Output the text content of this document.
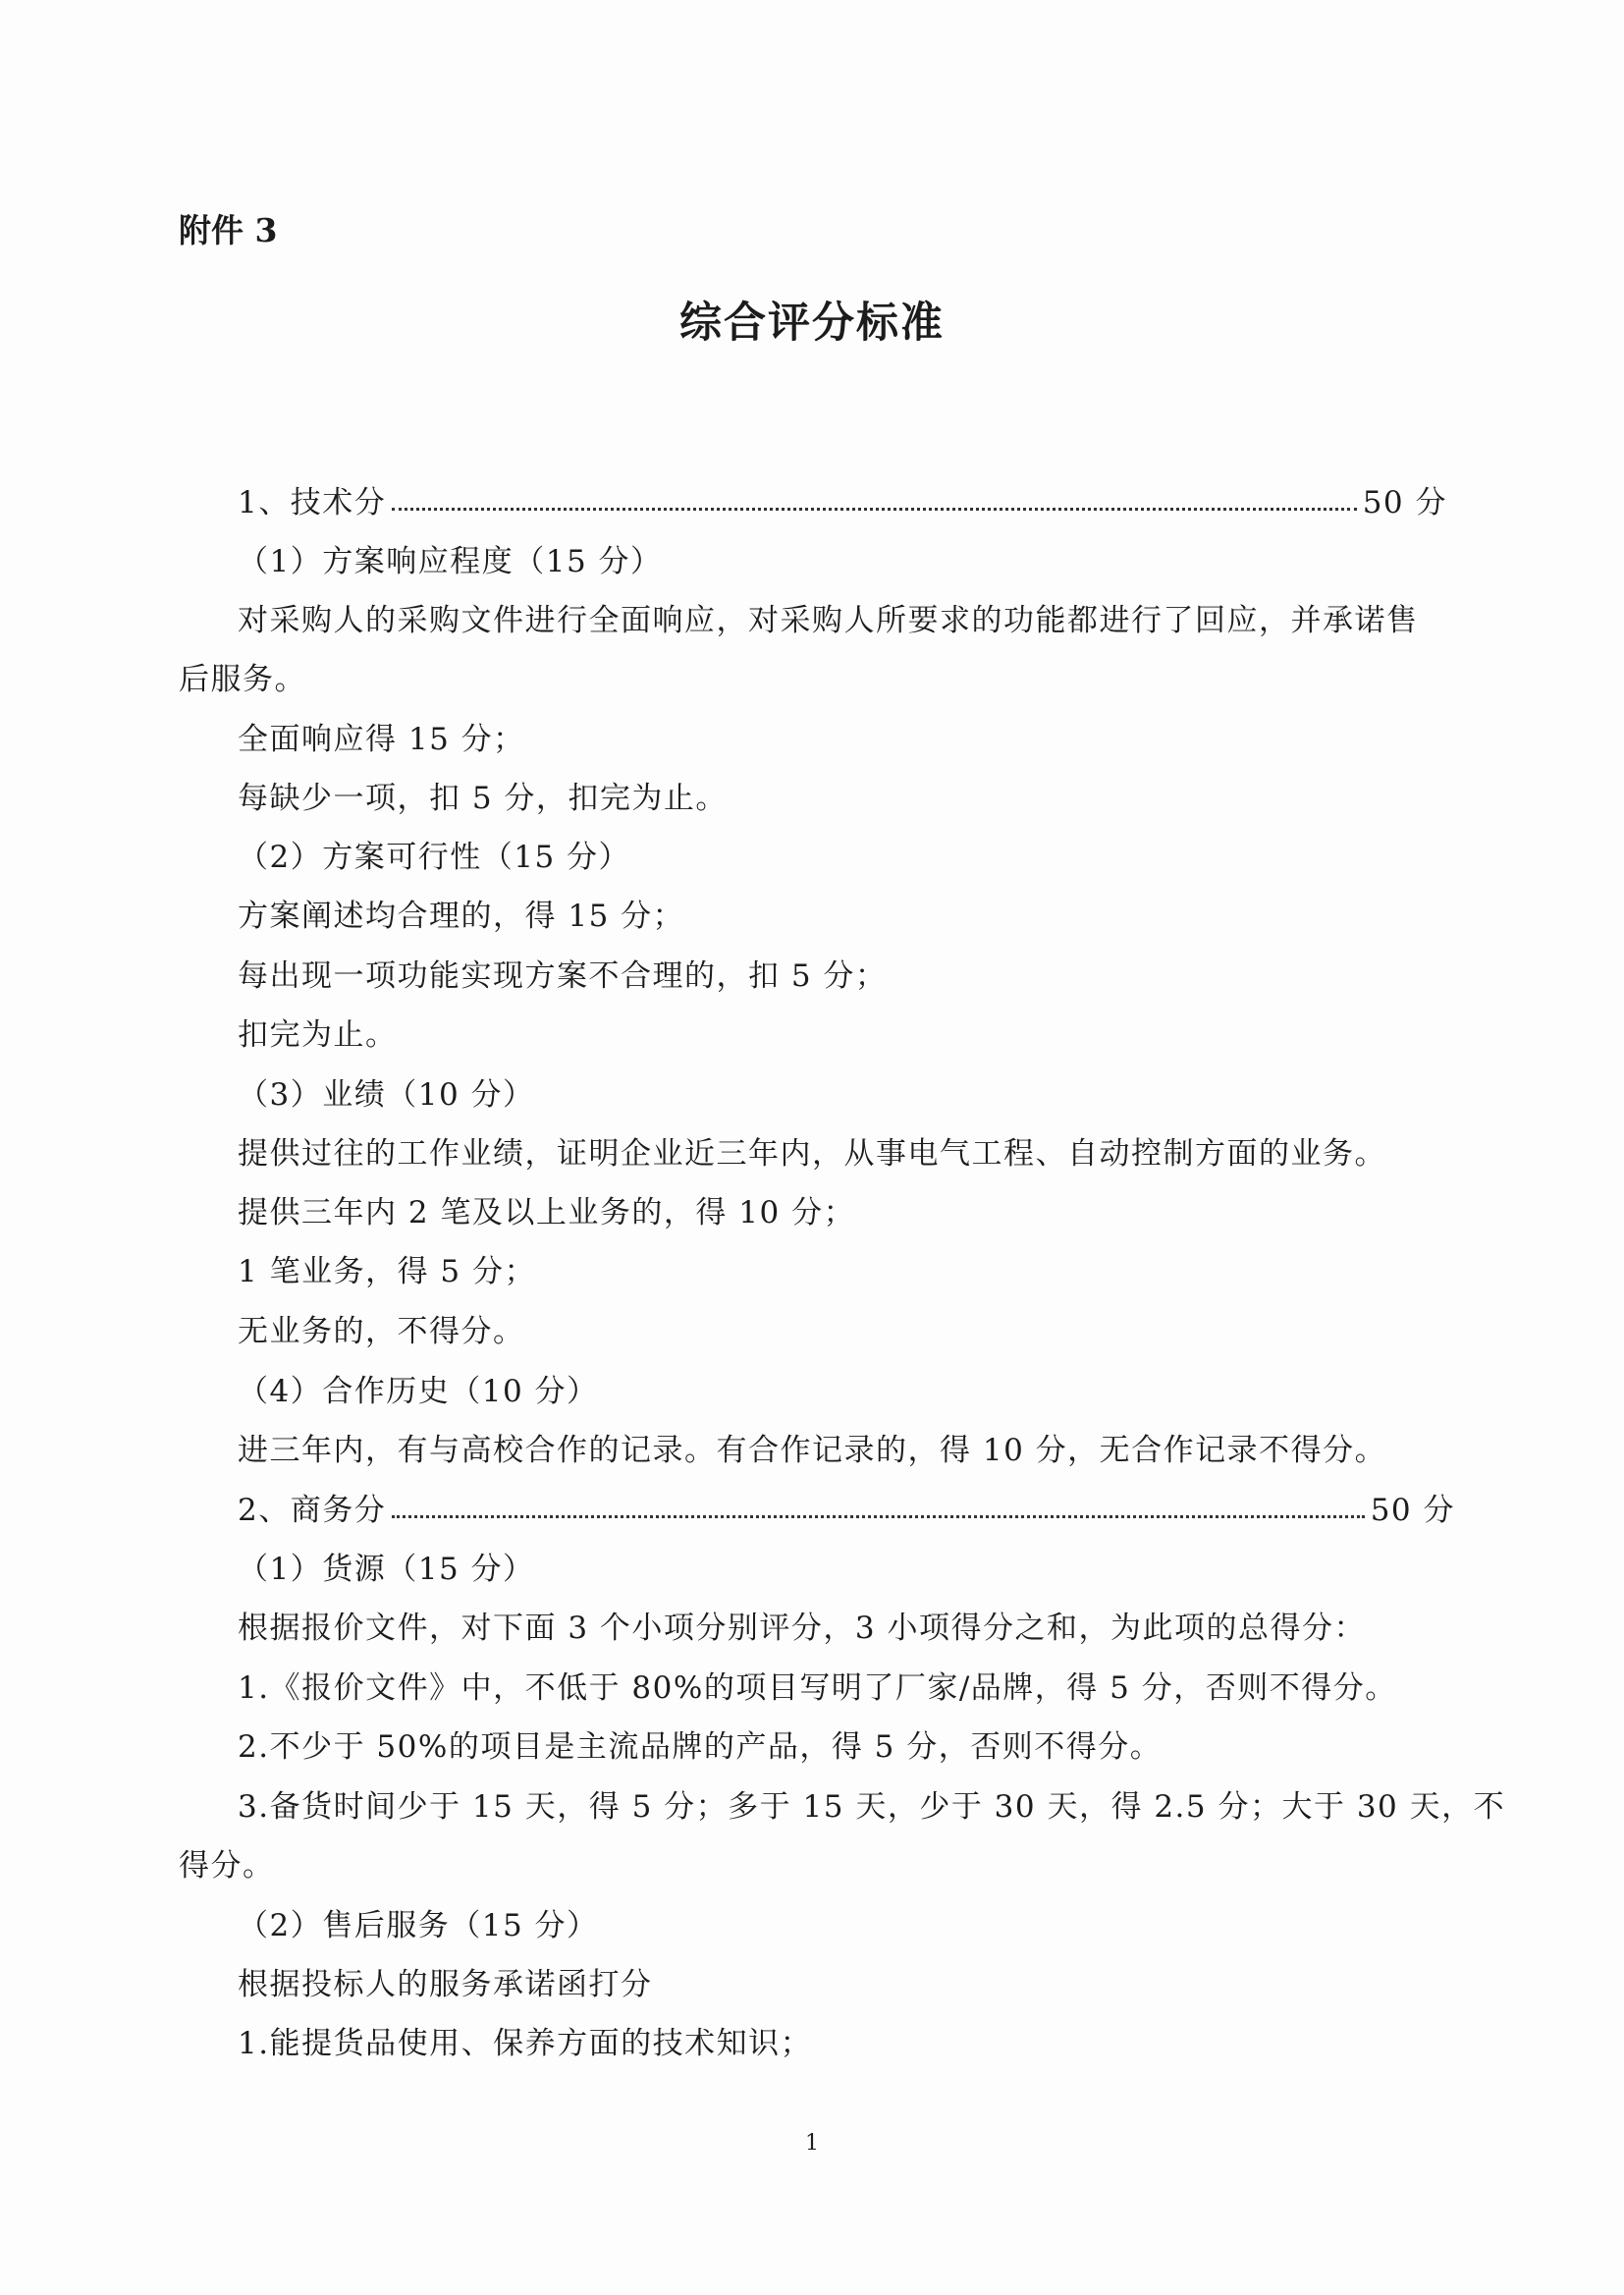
附件 3

综合评分标准
1、技术分	50 分

（1）方案响应程度（15 分）

对采购人的采购文件进行全面响应，对采购人所要求的功能都进行了回应，并承诺售

后服务。

全面响应得 15 分；

每缺少一项，扣 5 分，扣完为止。

（2）方案可行性（15 分）

方案阐述均合理的，得 15 分；

每出现一项功能实现方案不合理的，扣 5 分；

扣完为止。

（3）业绩（10 分）

提供过往的工作业绩，证明企业近三年内，从事电气工程、自动控制方面的业务。

提供三年内 2 笔及以上业务的，得 10 分；

1 笔业务，得 5 分；

无业务的，不得分。

（4）合作历史（10 分）

进三年内，有与高校合作的记录。有合作记录的，得 10 分，无合作记录不得分。

2、商务分	50 分

（1）货源（15 分）

根据报价文件，对下面 3 个小项分别评分，3 小项得分之和，为此项的总得分：

1.《报价文件》中，不低于 80%的项目写明了厂家/品牌，得 5 分，否则不得分。

2.不少于 50%的项目是主流品牌的产品，得 5 分，否则不得分。

3.备货时间少于 15 天，得 5 分；多于 15 天，少于 30 天，得 2.5 分；大于 30 天，不

得分。

（2）售后服务（15 分）

根据投标人的服务承诺函打分

1.能提货品使用、保养方面的技术知识；

1
